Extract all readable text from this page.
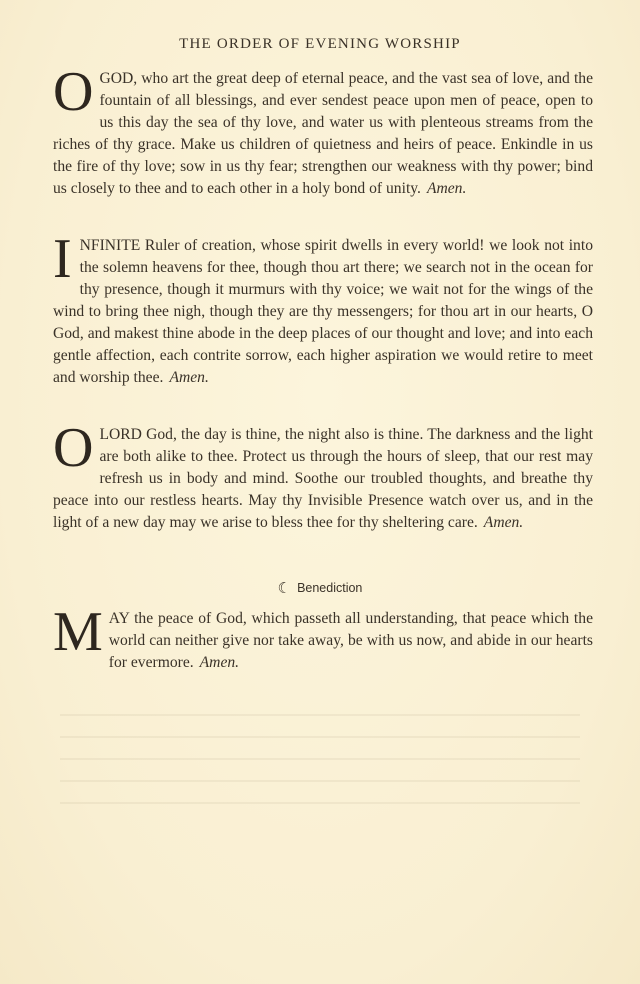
THE ORDER OF EVENING WORSHIP
OGOD, who art the great deep of eternal peace, and the vast sea of love, and the fountain of all blessings, and ever sendest peace upon men of peace, open to us this day the sea of thy love, and water us with plenteous streams from the riches of thy grace. Make us children of quietness and heirs of peace. Enkindle in us the fire of thy love; sow in us thy fear; strengthen our weakness with thy power; bind us closely to thee and to each other in a holy bond of unity. Amen.
INFINITE Ruler of creation, whose spirit dwells in every world! we look not into the solemn heavens for thee, though thou art there; we search not in the ocean for thy presence, though it murmurs with thy voice; we wait not for the wings of the wind to bring thee nigh, though they are thy messengers; for thou art in our hearts, O God, and makest thine abode in the deep places of our thought and love; and into each gentle affection, each contrite sorrow, each higher aspiration we would retire to meet and worship thee. Amen.
OLORD God, the day is thine, the night also is thine. The darkness and the light are both alike to thee. Protect us through the hours of sleep, that our rest may refresh us in body and mind. Soothe our troubled thoughts, and breathe thy peace into our restless hearts. May thy Invisible Presence watch over us, and in the light of a new day may we arise to bless thee for thy sheltering care. Amen.
☾ Benediction
MAY the peace of God, which passeth all understanding, that peace which the world can neither give nor take away, be with us now, and abide in our hearts for evermore. Amen.
